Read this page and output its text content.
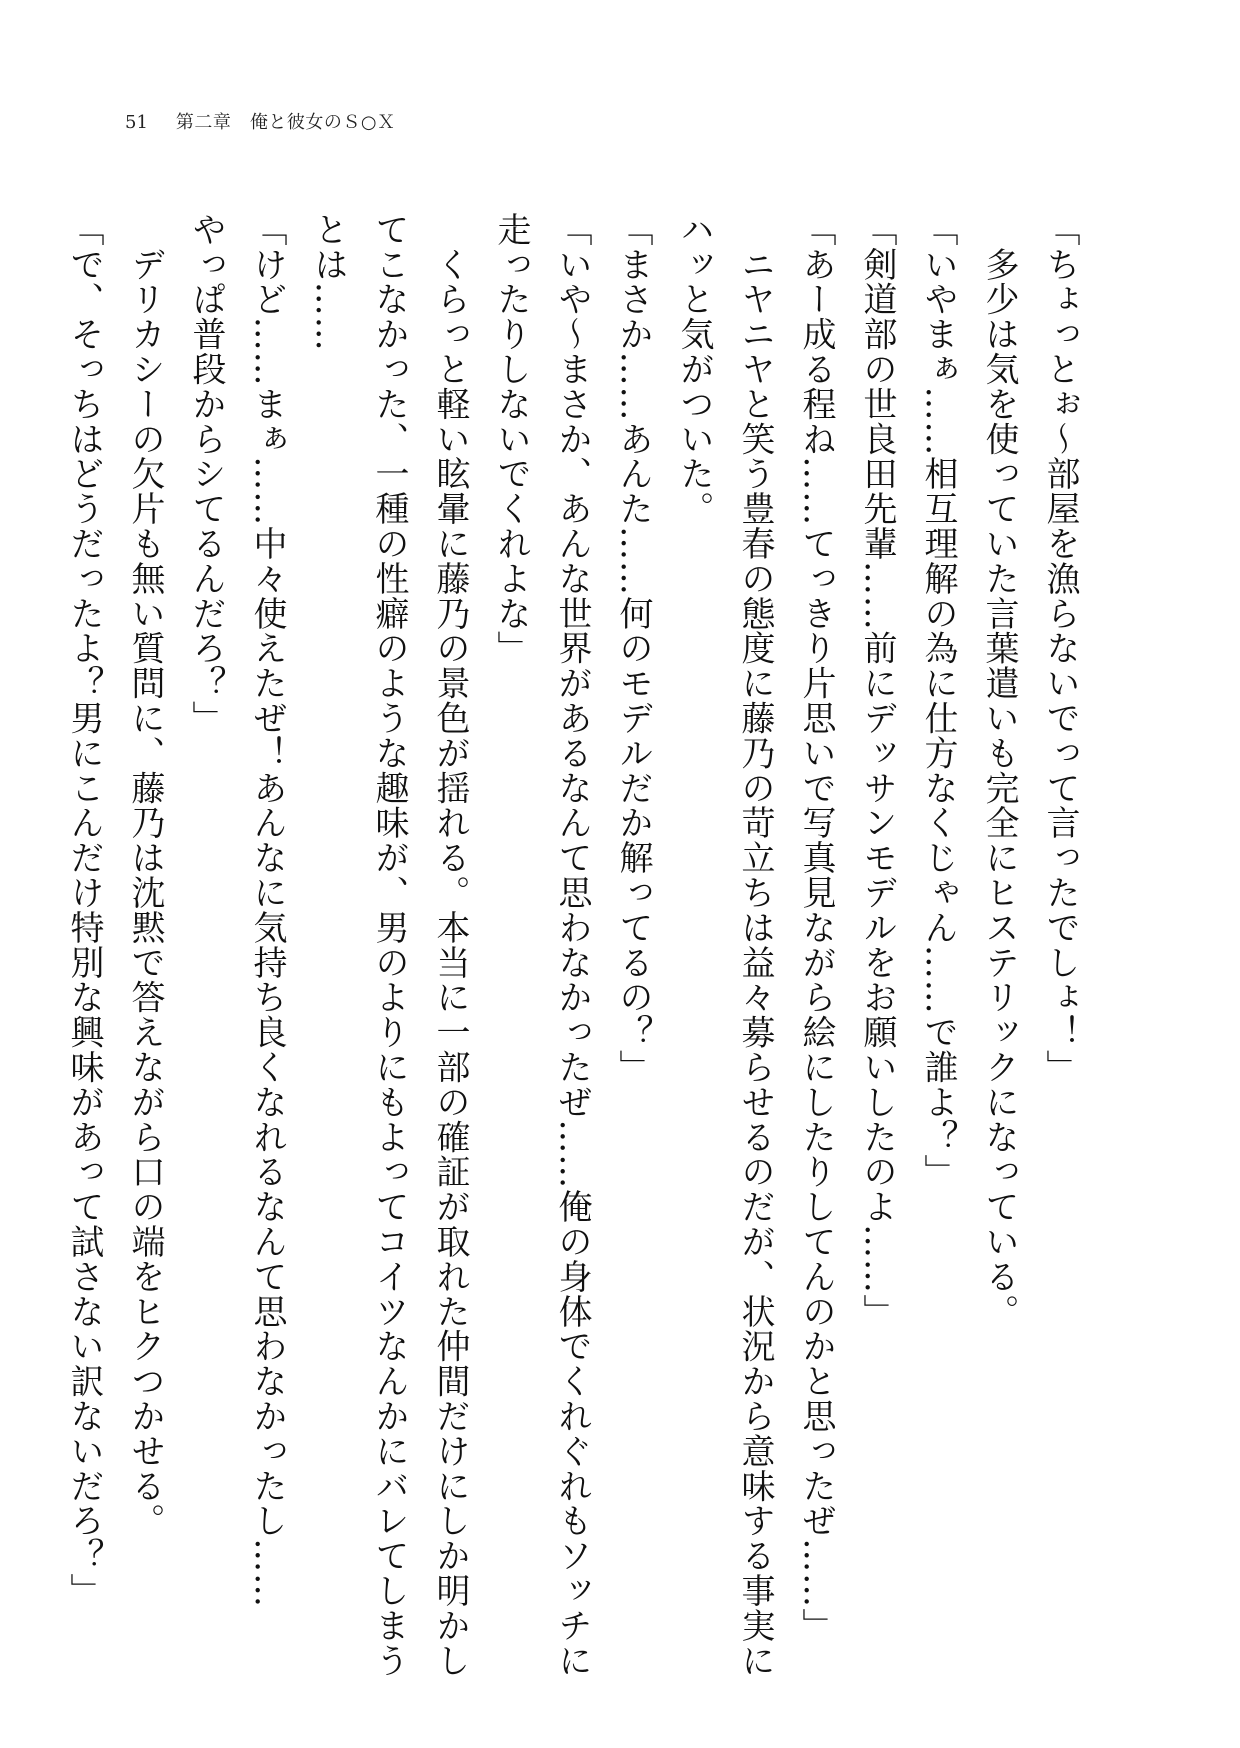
51 第二章　俺と彼女のＳ○Ｘ
「ちょっとぉ～部屋を漁らないでって言ったでしょ！」
　多少は気を使っていた言葉遣いも完全にヒステリックになっている。
「いやまぁ……相互理解の為に仕方なくじゃん……で誰よ？」
「剣道部の世良田先輩……前にデッサンモデルをお願いしたのよ……」
「あー成る程ね……てっきり片思いで写真見ながら絵にしたりしてんのかと思ったぜ……」
　ニヤニヤと笑う豊春の態度に藤乃の苛立ちは益々募らせるのだが、状況から意味する事実に
ハッと気がついた。
「まさか……あんた……何のモデルだか解ってるの？」
「いや～まさか、あんな世界があるなんて思わなかったぜ……俺の身体でくれぐれもソッチに
走ったりしないでくれよな」
　くらっと軽い眩暈に藤乃の景色が揺れる。本当に一部の確証が取れた仲間だけにしか明かし
てこなかった、一種の性癖のような趣味が、男のよりにもよってコイツなんかにバレてしまう
とは……
「けど……まぁ……中々使えたぜ！あんなに気持ち良くなれるなんて思わなかったし……
やっぱ普段からシてるんだろ？」
　デリカシーの欠片も無い質問に、藤乃は沈黙で答えながら口の端をヒクつかせる。
「で、そっちはどうだったよ？男にこんだけ特別な興味があって試さない訳ないだろ？」
